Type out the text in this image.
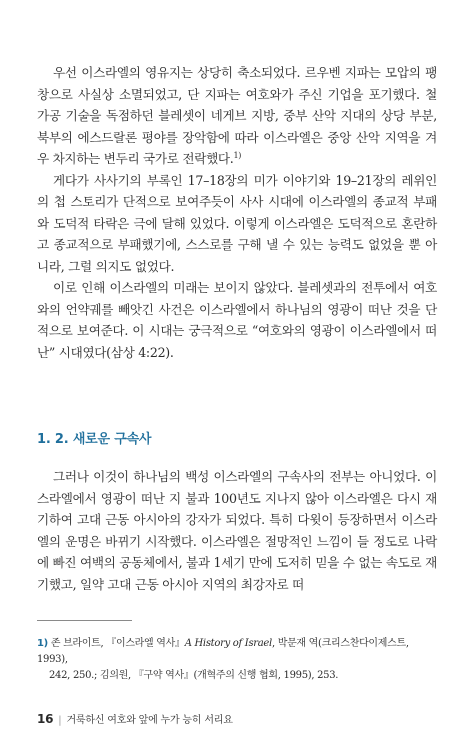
우선 이스라엘의 영유지는 상당히 축소되었다. 르우벤 지파는 모압의 팽창으로 사실상 소멸되었고, 단 지파는 여호와가 주신 기업을 포기했다. 철 가공 기술을 독점하던 블레셋이 네게브 지방, 중부 산악 지대의 상당 부분, 북부의 에스드랄론 평야를 장악함에 따라 이스라엘은 중앙 산악 지역을 겨우 차지하는 변두리 국가로 전락했다.$^{1)}$

게다가 사사기의 부록인 17–18장의 미가 이야기와 19–21장의 레위인의 첩 스토리가 단적으로 보여주듯이 사사 시대에 이스라엘의 종교적 부패와 도덕적 타락은 극에 달해 있었다. 이렇게 이스라엘은 도덕적으로 혼란하고 종교적으로 부패했기에, 스스로를 구해 낼 수 있는 능력도 없었을 뿐 아니라, 그럴 의지도 없었다.

이로 인해 이스라엘의 미래는 보이지 않았다. 블레셋과의 전투에서 여호와의 언약궤를 빼앗긴 사건은 이스라엘에서 하나님의 영광이 떠난 것을 단적으로 보여준다. 이 시대는 궁극적으로 “여호와의 영광이 이스라엘에서 떠난” 시대였다(삼상 4:22).

1. 2. 새로운 구속사

그러나 이것이 하나님의 백성 이스라엘의 구속사의 전부는 아니었다. 이스라엘에서 영광이 떠난 지 불과 100년도 지나지 않아 이스라엘은 다시 재기하여 고대 근동 아시아의 강자가 되었다. 특히 다윗이 등장하면서 이스라엘의 운명은 바뀌기 시작했다. 이스라엘은 절망적인 느낌이 들 정도로 나락에 빠진 여백의 공동체에서, 불과 1세기 만에 도저히 믿을 수 없는 속도로 재기했고, 일약 고대 근동 아시아 지역의 최강자로 떠

1) 존 브라이트, 『이스라엘 역사』A History of Israel, 박문재 역(크리스찬다이제스트, 1993),
242, 250.; 김의원, 『구약 역사』(개혁주의 신행 협회, 1995), 253.
16 | 거룩하신 여호와 앞에 누가 능히 서리요
